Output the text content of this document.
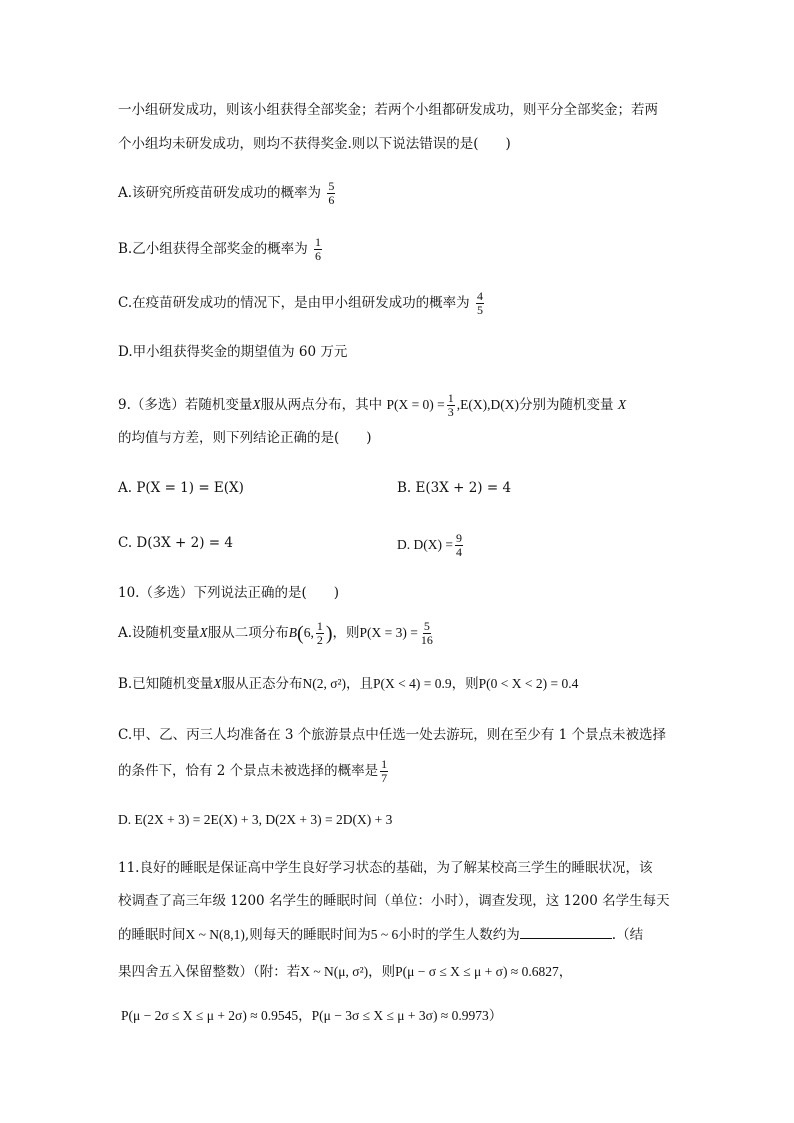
一小组研发成功，则该小组获得全部奖金；若两个小组都研发成功，则平分全部奖金；若两
个小组均未研发成功，则均不获得奖金.则以下说法错误的是(　　)
A.该研究所疫苗研发成功的概率为 $\frac{5}{6}$
B.乙小组获得全部奖金的概率为 $\frac{1}{6}$
C.在疫苗研发成功的情况下，是由甲小组研发成功的概率为 $\frac{4}{5}$
D.甲小组获得奖金的期望值为 60 万元
9.（多选）若随机变量X服从两点分布，其中 $P(X = 0) = \frac{1}{3} ,E(X),D(X)$分别为随机变量 X
的均值与方差，则下列结论正确的是(　　)
A. P(X = 1) = E(X)	B. E(3X + 2) = 4
C. D(3X + 2) = 4	D. $D(X) = \frac{9}{4}$
10.（多选）下列说法正确的是(　　)
A.设随机变量X服从二项分布B(6, $\frac{1}{2}$ )，则$P(X = 3) = \frac{5}{16}$
B.已知随机变量X服从正态分布N(2, σ²)，且P(X < 4) = 0.9，则P(0 < X < 2) = 0.4
C.甲、乙、丙三人均准备在 3 个旅游景点中任选一处去游玩，则在至少有 1 个景点未被选择
的条件下，恰有 2 个景点未被选择的概率是 $\frac{1}{7}$
D. E(2X + 3) = 2E(X) + 3, D(2X + 3) = 2D(X) + 3
11.良好的睡眠是保证高中学生良好学习状态的基础，为了解某校高三学生的睡眠状况，该
校调查了高三年级 1200 名学生的睡眠时间（单位：小时），调查发现，这 1200 名学生每天
的睡眠时间X ~ N(8,1),则每天的睡眠时间为5 ~ 6小时的学生人数约为	.（结
果四舍五入保留整数）（附：若X ~ N(μ, σ²)，则P(μ − σ ≤ X ≤ μ + σ) ≈ 0.6827，
P(μ − 2σ ≤ X ≤ μ + 2σ) ≈ 0.9545，P(μ − 3σ ≤ X ≤ μ + 3σ) ≈ 0.9973）
